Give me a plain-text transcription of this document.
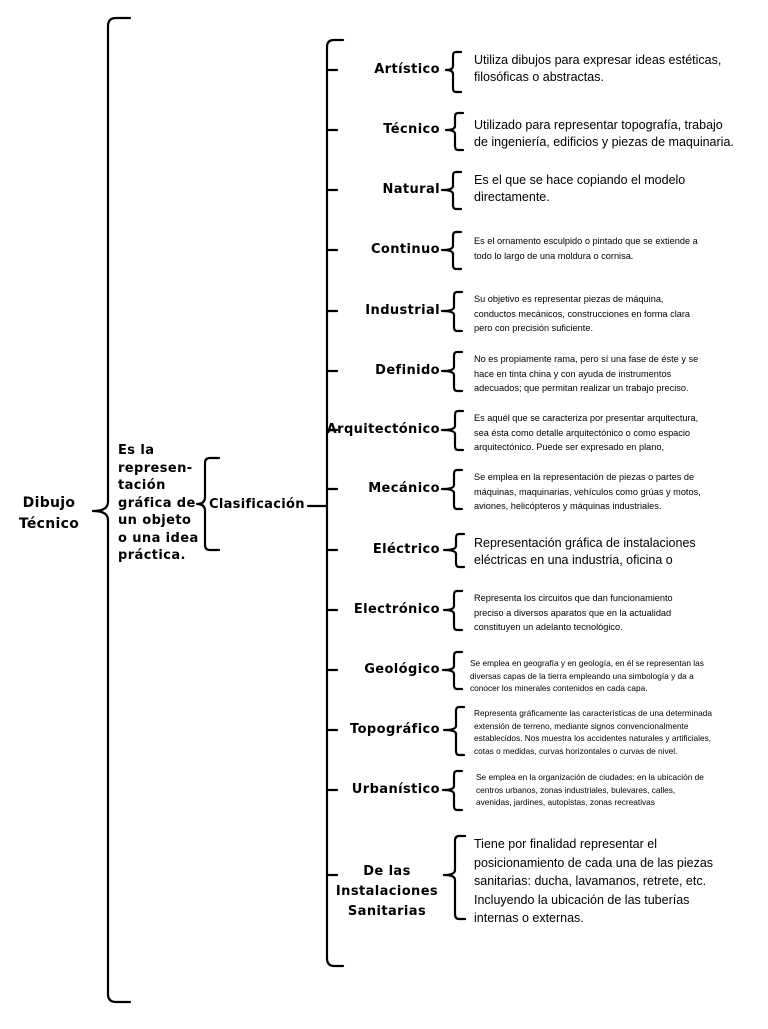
Dibujo
Técnico
Es la
represen-
tación
gráfica de
un objeto
o una idea
práctica.
Clasificación
Artístico
Técnico
Natural
Continuo
Industrial
Definido
Arquitectónico
Mecánico
Eléctrico
Electrónico
Geológico
Topográfico
Urbanístico
De las
Instalaciones
Sanitarias
Utiliza dibujos para expresar ideas estéticas,
filosóficas o abstractas.
Utilizado para representar topografía, trabajo
de ingeniería, edificios y piezas de maquinaria.
Es el que se hace copiando el modelo
directamente.
Es el ornamento esculpido o pintado que se extiende a
todo lo largo de una moldura o cornisa.
Su objetivo es representar piezas de máquina,
conductos mecánicos, construcciones en forma clara
pero con precisión suficiente.
No es propiamente rama, pero sí una fase de éste y se
hace en tinta china y con ayuda de instrumentos
adecuados; que permitan realizar un trabajo preciso.
Es aquél que se caracteriza por presentar arquitectura,
sea ésta como detalle arquitectónico o como espacio
arquitectónico. Puede ser expresado en plano,
Se emplea en la representación de piezas o partes de
máquinas, maquinarias, vehículos como grúas y motos,
aviones, helicópteros y máquinas industriales.
Representación gráfica de instalaciones
eléctricas en una industria, oficina o
Representa los circuitos que dan funcionamiento
preciso a diversos aparatos que en la actualidad
constituyen un adelanto tecnológico.
Se emplea en geografía y en geología, en él se representan las
diversas capas de la tierra empleando una simbología y da a
conocer los minerales contenidos en cada capa.
Representa gráficamente las características de una determinada
extensión de terreno, mediante signos convencionalmente
establecidos. Nos muestra los accidentes naturales y artificiales,
cotas o medidas, curvas horizontales o curvas de nivel.
Se emplea en la organización de ciudades: en la ubicación de
centros urbanos, zonas industriales, bulevares, calles,
avenidas, jardines, autopistas, zonas recreativas
Tiene por finalidad representar el
posicionamiento de cada una de las piezas
sanitarias: ducha, lavamanos, retrete, etc.
Incluyendo la ubicación de las tuberías
internas o externas.
